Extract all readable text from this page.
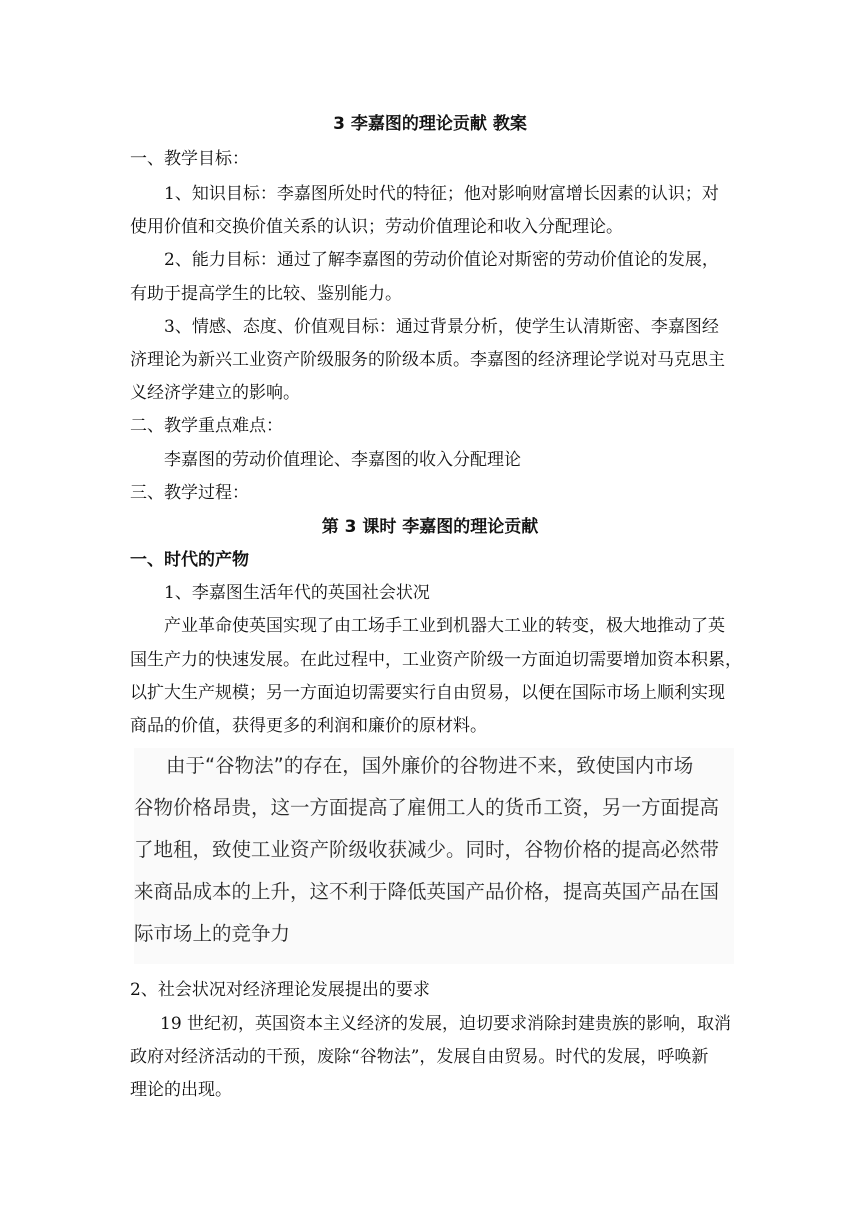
3 李嘉图的理论贡献 教案
一、教学目标：
1、知识目标：李嘉图所处时代的特征；他对影响财富增长因素的认识；对
使用价值和交换价值关系的认识；劳动价值理论和收入分配理论。
2、能力目标：通过了解李嘉图的劳动价值论对斯密的劳动价值论的发展，
有助于提高学生的比较、鉴别能力。
3、情感、态度、价值观目标：通过背景分析，使学生认清斯密、李嘉图经
济理论为新兴工业资产阶级服务的阶级本质。李嘉图的经济理论学说对马克思主
义经济学建立的影响。
二、教学重点难点：
李嘉图的劳动价值理论、李嘉图的收入分配理论
三、教学过程：
第 3 课时 李嘉图的理论贡献
一、时代的产物
1、李嘉图生活年代的英国社会状况
产业革命使英国实现了由工场手工业到机器大工业的转变，极大地推动了英
国生产力的快速发展。在此过程中，工业资产阶级一方面迫切需要增加资本积累，
以扩大生产规模；另一方面迫切需要实行自由贸易，以便在国际市场上顺利实现
商品的价值，获得更多的利润和廉价的原材料。
由于“谷物法”的存在，国外廉价的谷物进不来，致使国内市场
谷物价格昂贵，这一方面提高了雇佣工人的货币工资，另一方面提高
了地租，致使工业资产阶级收获减少。同时，谷物价格的提高必然带
来商品成本的上升，这不利于降低英国产品价格，提高英国产品在国
际市场上的竞争力
2、社会状况对经济理论发展提出的要求
19 世纪初，英国资本主义经济的发展，迫切要求消除封建贵族的影响，取消
政府对经济活动的干预，废除“谷物法”，发展自由贸易。时代的发展，呼唤新
理论的出现。
